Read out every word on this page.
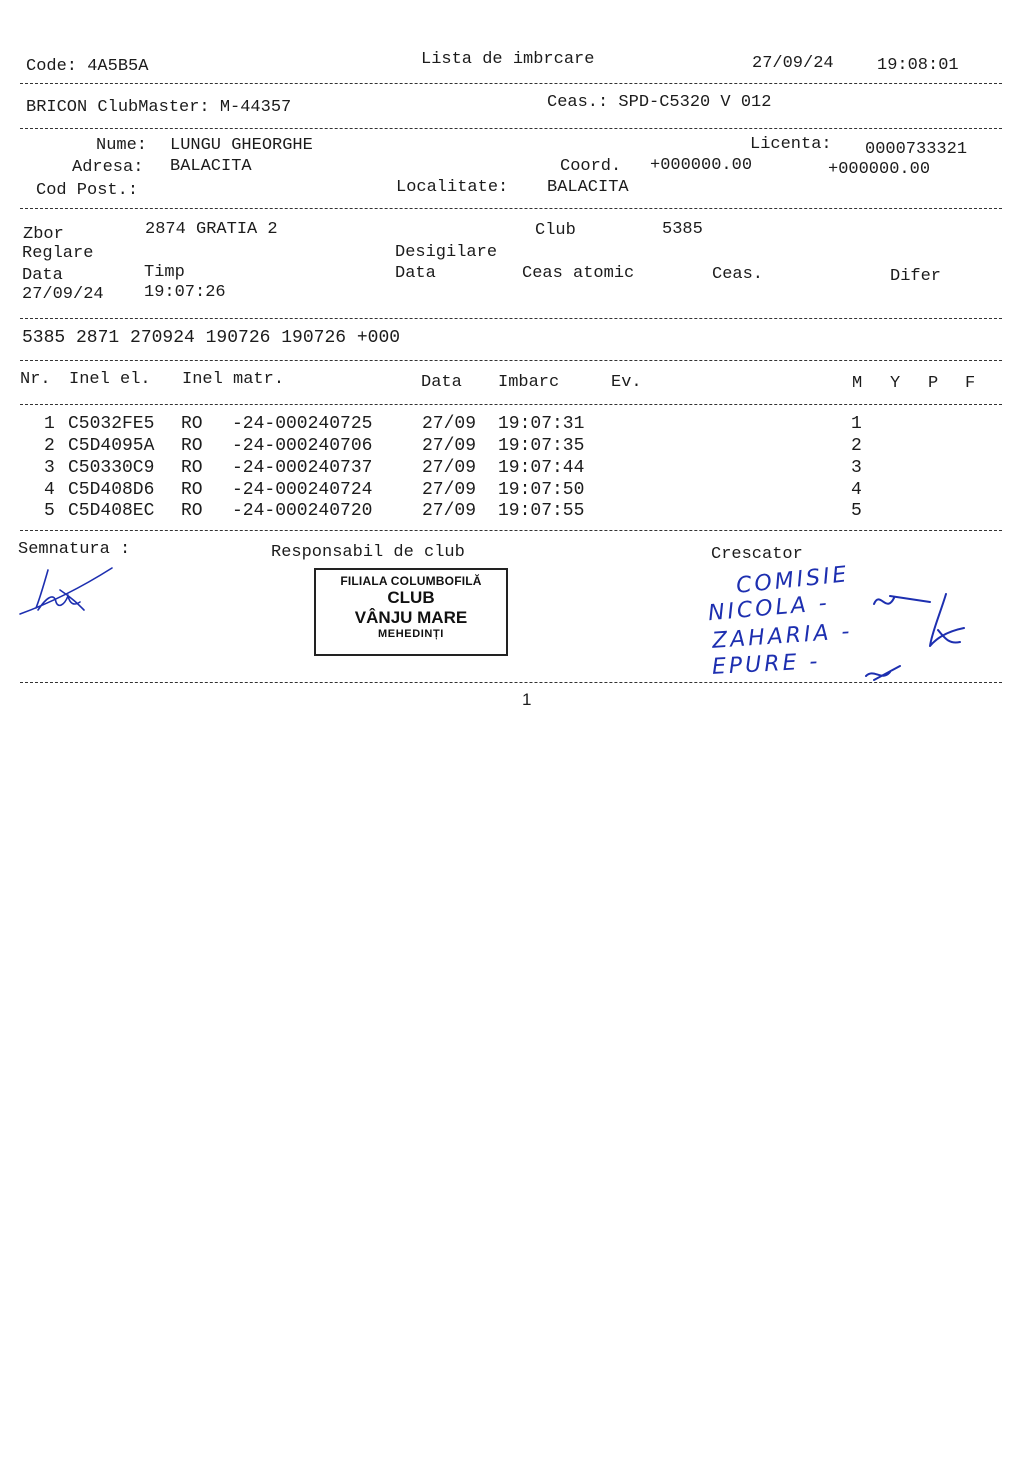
Code: 4A5B5A	Lista de imbrcare	27/09/24	19:08:01
BRICON ClubMaster: M-44357	Ceas.: SPD-C5320 V 012
Nume: LUNGU GHEORGHE	Licenta: 0000733321
Adresa: BALACITA	Coord. +000000.00	+000000.00
Cod Post.:	Localitate: BALACITA
Zbor	2874 GRATIA 2	Club	5385
Reglare	Desigilare
Data	Timp	Data	Ceas atomic	Ceas.	Difer
27/09/24 19:07:26
5385 2871 270924 190726 190726 +000
Nr. Inel el. Inel matr.	Data Imbarc	Ev.	M Y P F
1 C5032FE5 RO -24-000240725	27/09 19:07:31	1
2 C5D4095A RO -24-000240706	27/09 19:07:35	2
3 C50330C9 RO -24-000240737	27/09 19:07:44	3
4 C5D408D6 RO -24-000240724	27/09 19:07:50	4
5 C5D408EC RO -24-000240720	27/09 19:07:55	5
Semnatura :	Responsabil de club	Crescator
FILIALA COLUMBOFILĂ
CLUB
VÂNJU MARE
MEHEDINȚI
COMISIE
NICOLA -
ZAHARIA -
EPURE -
1
